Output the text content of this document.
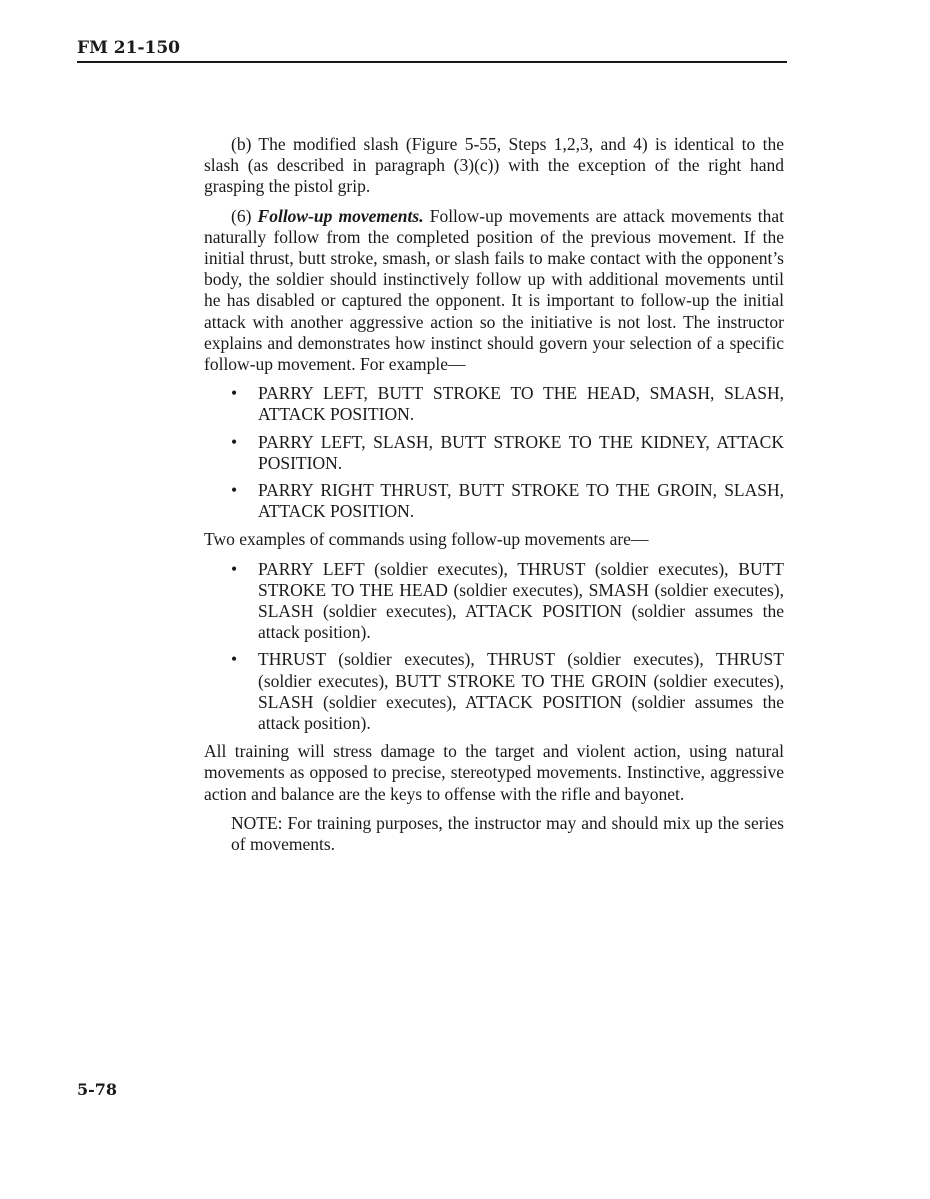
FM 21-150

(b) The modified slash (Figure 5-55, Steps 1,2,3, and 4) is identical to the slash (as described in paragraph (3)(c)) with the exception of the right hand grasping the pistol grip.

(6) Follow-up movements. Follow-up movements are attack movements that naturally follow from the completed position of the previous movement. If the initial thrust, butt stroke, smash, or slash fails to make contact with the opponent’s body, the soldier should instinctively follow up with additional movements until he has disabled or captured the opponent. It is important to follow-up the initial attack with another aggressive action so the initiative is not lost. The instructor explains and demonstrates how instinct should govern your selection of a specific follow-up movement. For example—

• PARRY LEFT, BUTT STROKE TO THE HEAD, SMASH, SLASH, ATTACK POSITION.
• PARRY LEFT, SLASH, BUTT STROKE TO THE KIDNEY, ATTACK POSITION.
• PARRY RIGHT THRUST, BUTT STROKE TO THE GROIN, SLASH, ATTACK POSITION.

Two examples of commands using follow-up movements are—

• PARRY LEFT (soldier executes), THRUST (soldier executes), BUTT STROKE TO THE HEAD (soldier executes), SMASH (soldier executes), SLASH (soldier executes), ATTACK POSITION (soldier assumes the attack position).
• THRUST (soldier executes), THRUST (soldier executes), THRUST (soldier executes), BUTT STROKE TO THE GROIN (soldier executes), SLASH (soldier executes), ATTACK POSITION (soldier assumes the attack position).

All training will stress damage to the target and violent action, using natural movements as opposed to precise, stereotyped movements. Instinctive, aggressive action and balance are the keys to offense with the rifle and bayonet.

NOTE: For training purposes, the instructor may and should mix up the series of movements.

5-78
